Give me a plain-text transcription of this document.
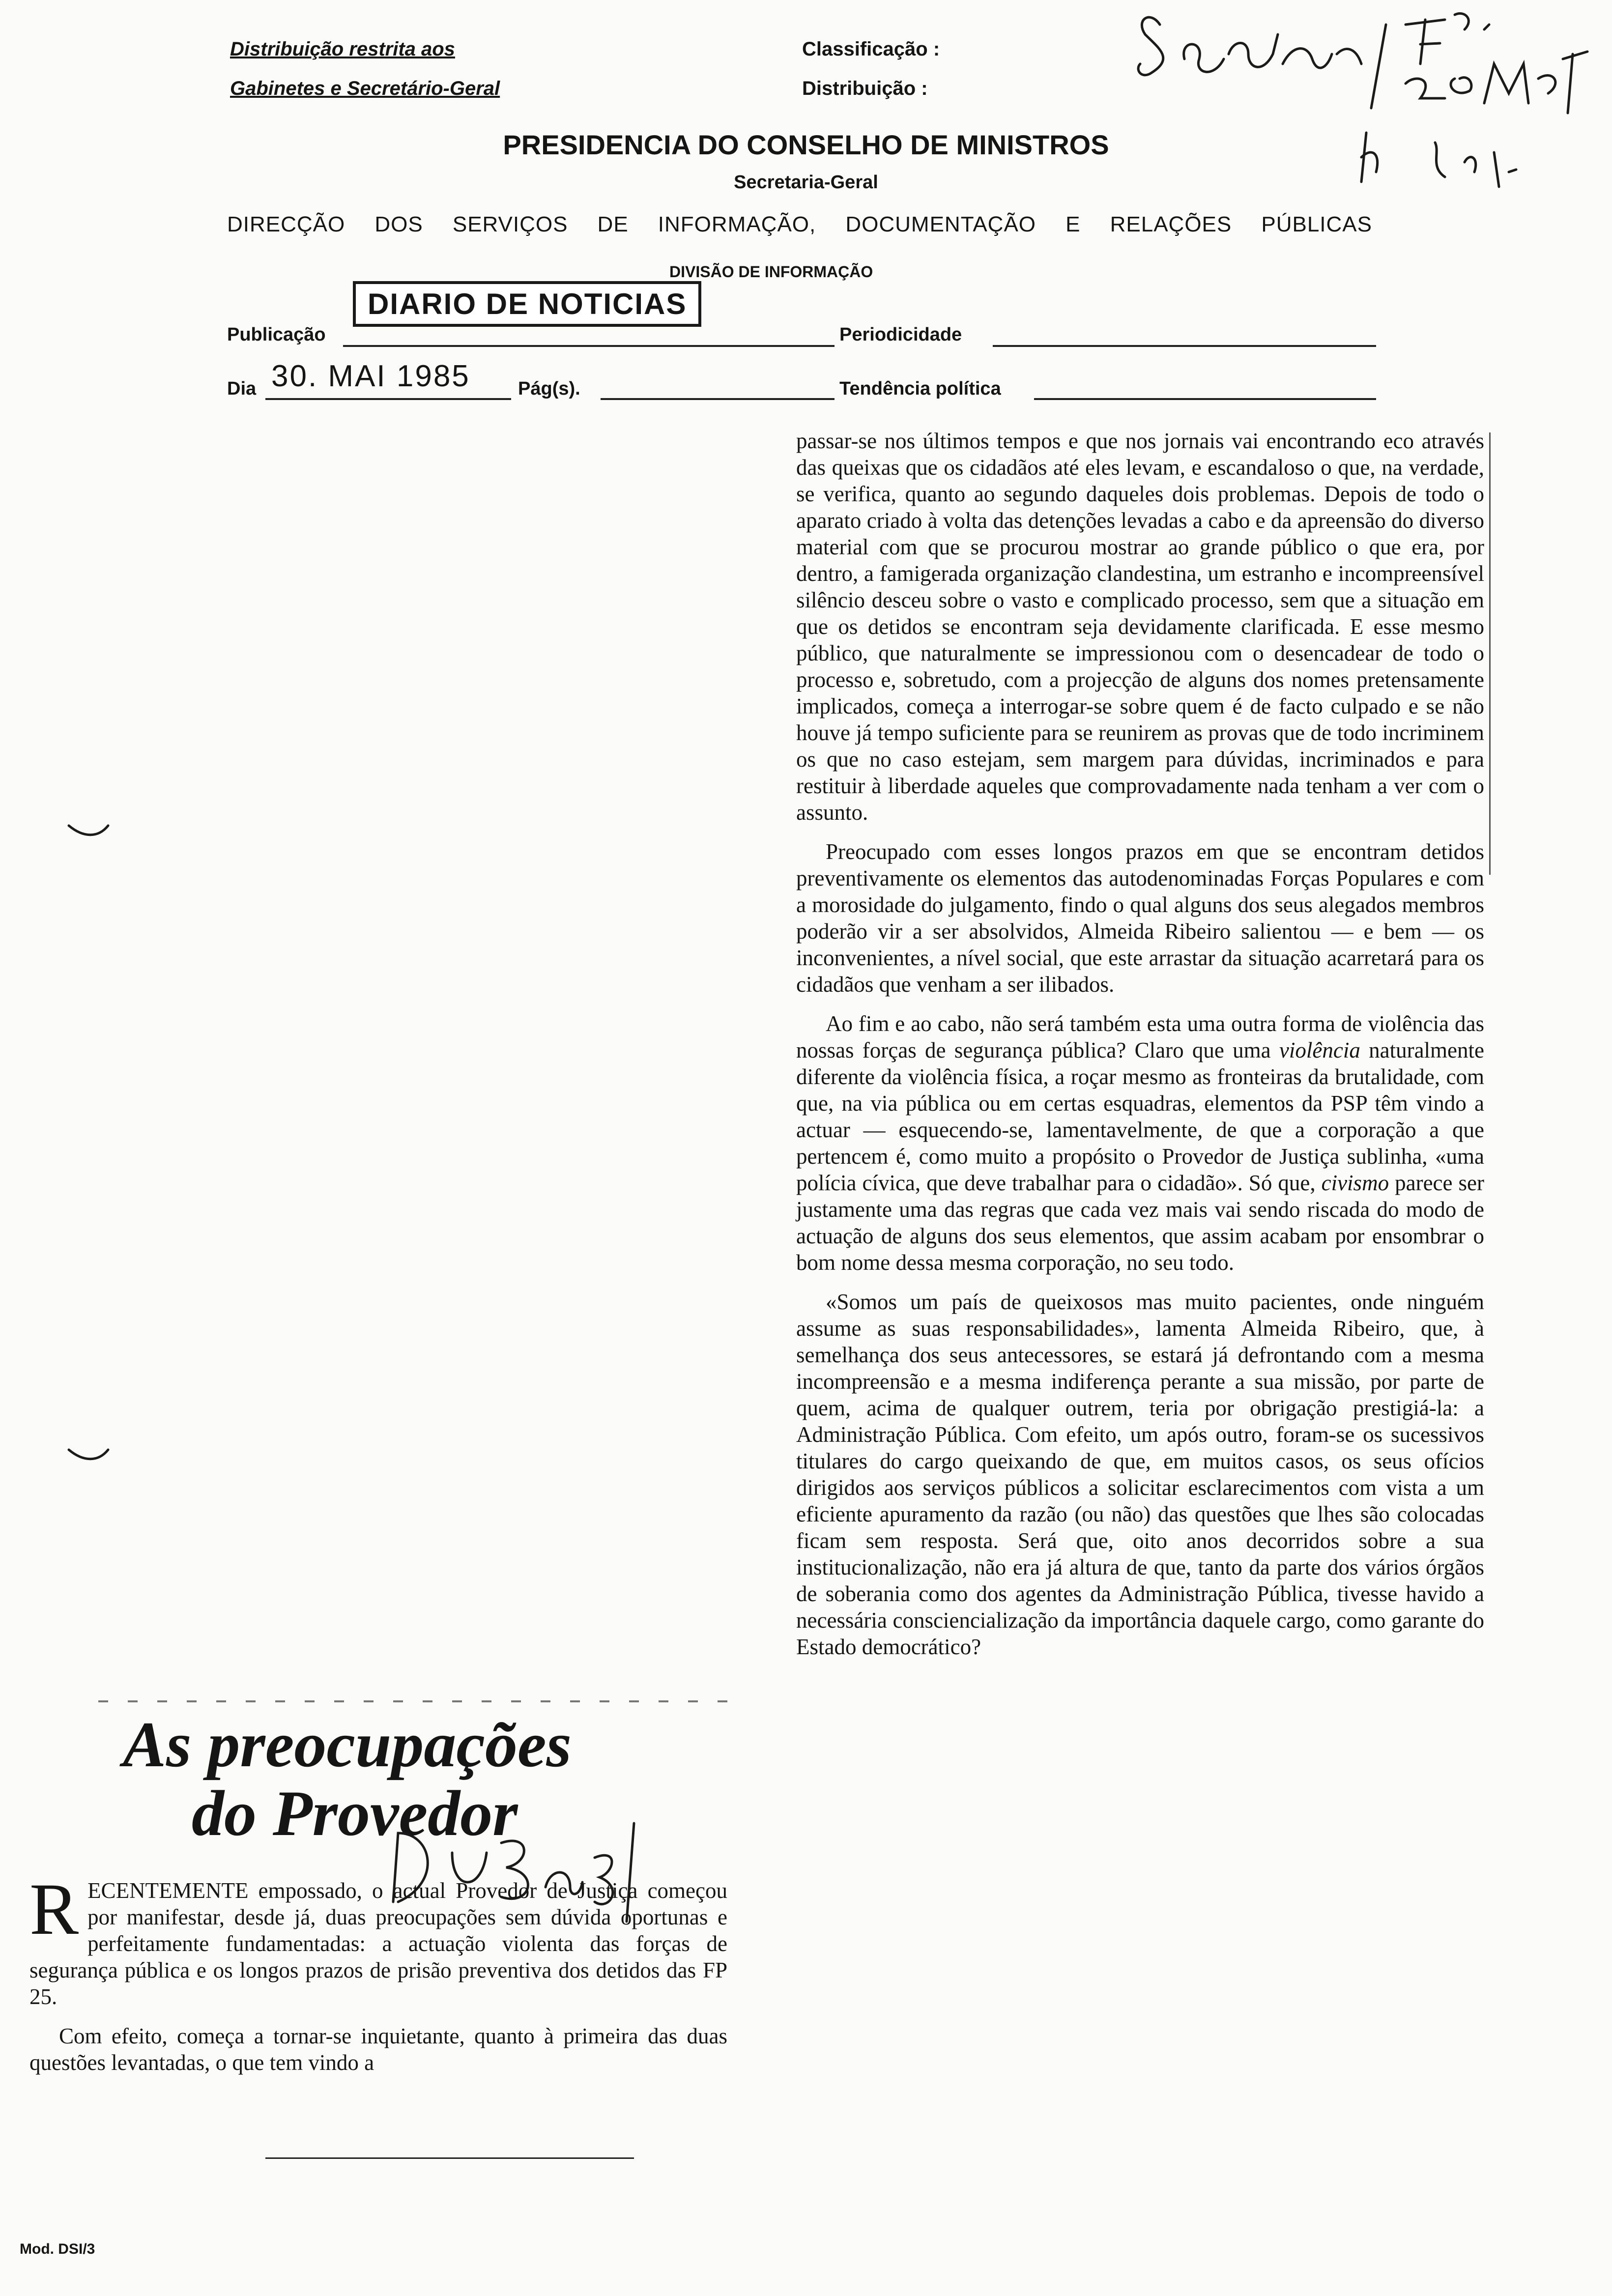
Distribuição restrita aos
Gabinetes e Secretário-Geral
Classificação :
Distribuição :
PRESIDENCIA DO CONSELHO DE MINISTROS
Secretaria-Geral
DIRECÇÃO DOS SERVIÇOS DE INFORMAÇÃO, DOCUMENTAÇÃO E RELAÇÕES PÚBLICAS
DIVISÃO DE INFORMAÇÃO
Publicação
DIARIO DE NOTICIAS
Periodicidade
Dia 30. MAI 1985	Pág(s).	Tendência política

passar-se nos últimos tempos e que nos jornais vai encontrando eco através das queixas que os cidadãos até eles levam, e escandaloso o que, na verdade, se verifica, quanto ao segundo daqueles dois problemas. Depois de todo o aparato criado à volta das detenções levadas a cabo e da apreensão do diverso material com que se procurou mostrar ao grande público o que era, por dentro, a famigerada organização clandestina, um estranho e incompreensível silêncio desceu sobre o vasto e complicado processo, sem que a situação em que os detidos se encontram seja devidamente clarificada. E esse mesmo público, que naturalmente se impressionou com o desencadear de todo o processo e, sobretudo, com a projecção de alguns dos nomes pretensamente implicados, começa a interrogar-se sobre quem é de facto culpado e se não houve já tempo suficiente para se reunirem as provas que de todo incriminem os que no caso estejam, sem margem para dúvidas, incriminados e para restituir à liberdade aqueles que comprovadamente nada tenham a ver com o assunto.

Preocupado com esses longos prazos em que se encontram detidos preventivamente os elementos das autodenominadas Forças Populares e com a morosidade do julgamento, findo o qual alguns dos seus alegados membros poderão vir a ser absolvidos, Almeida Ribeiro salientou — e bem — os inconvenientes, a nível social, que este arrastar da situação acarretará para os cidadãos que venham a ser ilibados.

Ao fim e ao cabo, não será também esta uma outra forma de violência das nossas forças de segurança pública? Claro que uma violência naturalmente diferente da violência física, a roçar mesmo as fronteiras da brutalidade, com que, na via pública ou em certas esquadras, elementos da PSP têm vindo a actuar — esquecendo-se, lamentavelmente, de que a corporação a que pertencem é, como muito a propósito o Provedor de Justiça sublinha, «uma polícia cívica, que deve trabalhar para o cidadão». Só que, civismo parece ser justamente uma das regras que cada vez mais vai sendo riscada do modo de actuação de alguns dos seus elementos, que assim acabam por ensombrar o bom nome dessa mesma corporação, no seu todo.

«Somos um país de queixosos mas muito pacientes, onde ninguém assume as suas responsabilidades», lamenta Almeida Ribeiro, que, à semelhança dos seus antecessores, se estará já defrontando com a mesma incompreensão e a mesma indiferença perante a sua missão, por parte de quem, acima de qualquer outrem, teria por obrigação prestigiá-la: a Administração Pública. Com efeito, um após outro, foram-se os sucessivos titulares do cargo queixando de que, em muitos casos, os seus ofícios dirigidos aos serviços públicos a solicitar esclarecimentos com vista a um eficiente apuramento da razão (ou não) das questões que lhes são colocadas ficam sem resposta. Será que, oito anos decorridos sobre a sua institucionalização, não era já altura de que, tanto da parte dos vários órgãos de soberania como dos agentes da Administração Pública, tivesse havido a necessária consciencialização da importância daquele cargo, como garante do Estado democrático?

As preocupações
do Provedor

RECENTEMENTE empossado, o actual Provedor de Justiça começou por manifestar, desde já, duas preocupações sem dúvida oportunas e perfeitamente fundamentadas: a actuação violenta das forças de segurança pública e os longos prazos de prisão preventiva dos detidos das FP 25.

Com efeito, começa a tornar-se inquietante, quanto à primeira das duas questões levantadas, o que tem vindo a

Mod. DSI/3
